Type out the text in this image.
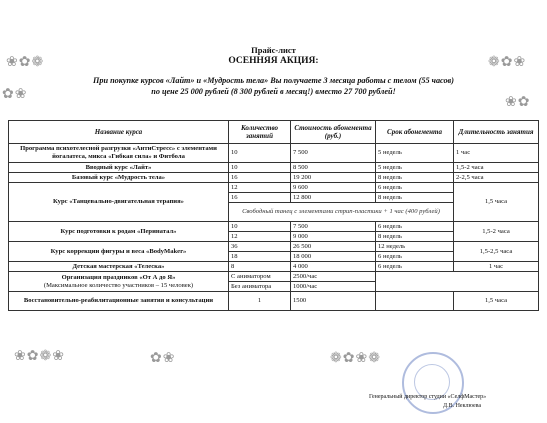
❀✿❁
✿❀
❁✿❀
❀✿
❀✿❁❀	✿❀	❁✿❀❁
Прайс-лист
ОСЕННЯЯ АКЦИЯ:
При покупке курсов «Лайт» и «Мудрость тела» Вы получаете 3 месяца работы с телом (55 часов)
по цене 25 000 рублей (8 300 рублей в месяц!) вместо 27 700 рублей!
Название курса	Количество занятий	Стоимость абонемента (руб.)	Срок абонемента	Длительность занятия
Программа психотелесной разгрузки «АнтиСтресс» с элементами йогалатеса, микса «Гибкая сила» и Фитбола	10	7 500	5 недель	1 час
Вводный курс «Лайт»	10	8 500	5 недель	1,5-2 часа
Базовый курс «Мудрость тела»	16	19 200	8 недель	2-2,5 часа
Курс «Танцевально-двигательная терапия»	12	9 600	6 недель	1,5 часа
	16	12 800	8 недель	
	Свободный танец с элементами стрип-пластики + 1 час (400 рублей)			
Курс подготовки к родам «Перинатал»	10	7 500	6 недель	1,5-2 часа
	12	9 000	8 недель	
Курс коррекции фигуры и веса «BodyMaker»	36	26 500	12 недель	1,5-2,5 часа
	18	18 000	6 недель	
Детская мастерская «Телеска»	8	4 000	6 недель	1 час

Организация праздников «От А до Я»
(Максимальное количество участников – 15 человек)	С аниматором	2500/час		
	Без аниматора	1000/час		
Восстановительно-реабилитационные занятия и консультации	1	1500		1,5 часа
Генеральный директор студии «СелфМастер»
Д.В. Неклюева
